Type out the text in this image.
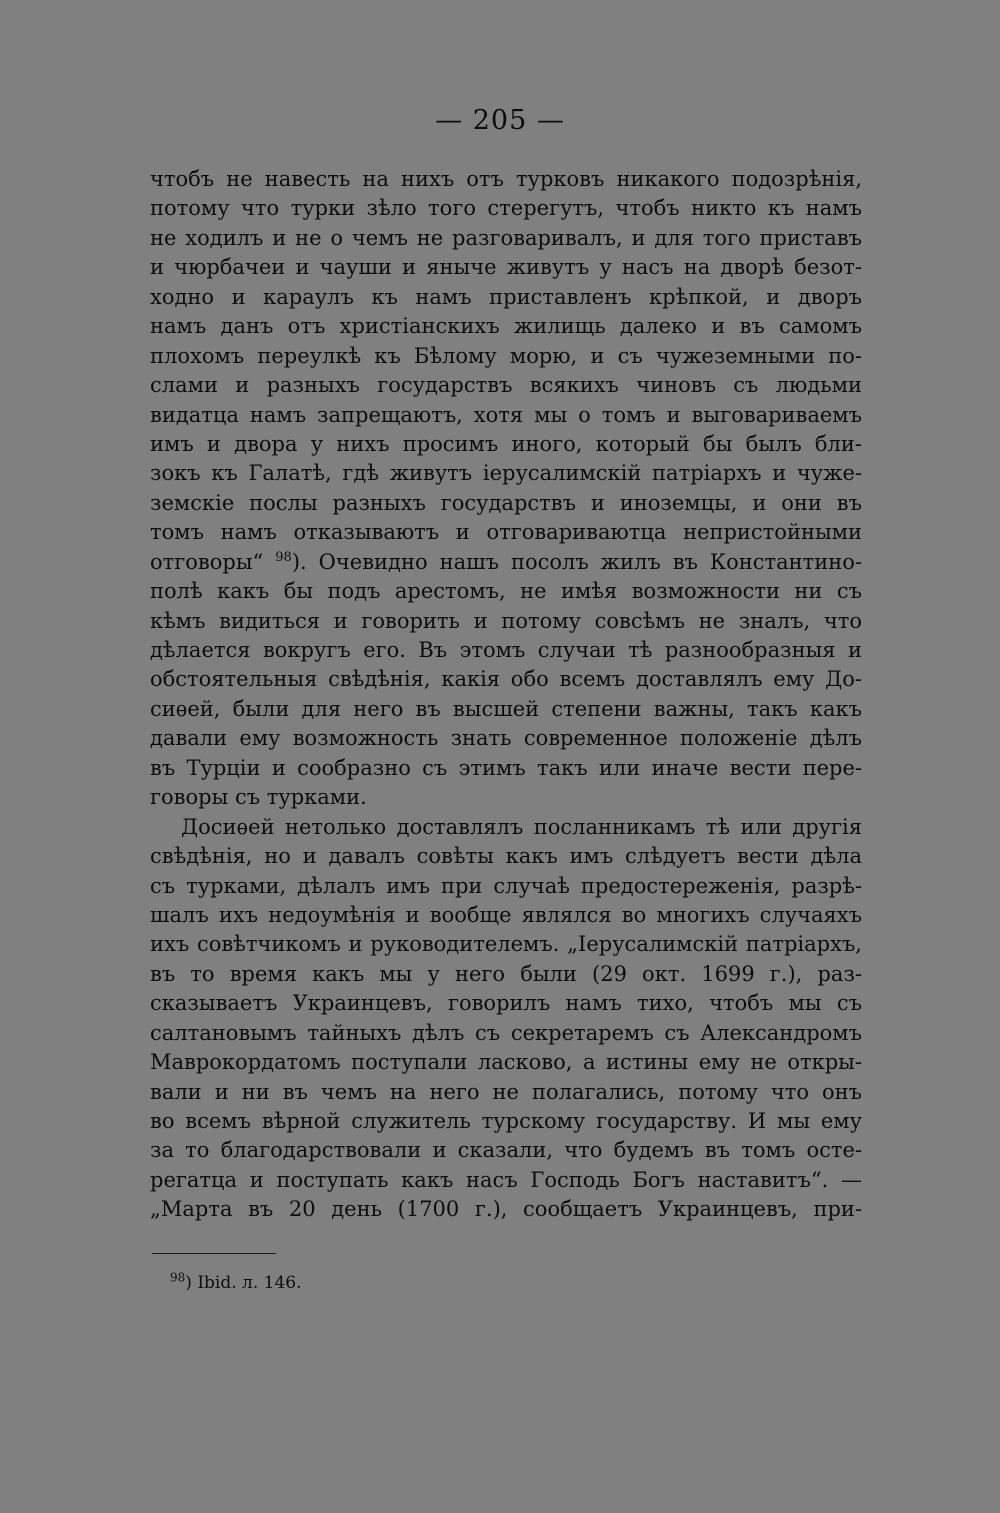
— 205 —
чтобъ не навесть на нихъ отъ турковъ никакого подозрѣнія,
потому что турки зѣло того стерегутъ, чтобъ никто къ намъ
не ходилъ и не о чемъ не разговаривалъ, и для того приставъ
и чюрбачеи и чауши и яныче живутъ у насъ на дворѣ безот-
ходно и караулъ къ намъ приставленъ крѣпкой, и дворъ
намъ данъ отъ христіанскихъ жилищь далеко и въ самомъ
плохомъ переулкѣ къ Бѣлому морю, и съ чужеземными по-
слами и разныхъ государствъ всякихъ чиновъ съ людьми
видатца намъ запрещаютъ, хотя мы о томъ и выговариваемъ
имъ и двора у нихъ просимъ иного, который бы былъ бли-
зокъ къ Галатѣ, гдѣ живутъ іерусалимскій патріархъ и чуже-
земскіе послы разныхъ государствъ и иноземцы, и они въ
томъ намъ отказываютъ и отговариваютца непристойными
отговоры“ $^{98}$). Очевидно нашъ посолъ жилъ въ Константино-
полѣ какъ бы подъ арестомъ, не имѣя возможности ни съ
кѣмъ видиться и говорить и потому совсѣмъ не зналъ, что
дѣлается вокругъ его. Въ этомъ случаи тѣ разнообразныя и
обстоятельныя свѣдѣнія, какія обо всемъ доставлялъ ему До-
сиѳей, были для него въ высшей степени важны, такъ какъ
давали ему возможность знать современное положеніе дѣлъ
въ Турціи и сообразно съ этимъ такъ или иначе вести пере-
говоры съ турками.
Досиѳей нетолько доставлялъ посланникамъ тѣ или другія
свѣдѣнія, но и давалъ совѣты какъ имъ слѣдуетъ вести дѣла
съ турками, дѣлалъ имъ при случаѣ предостереженія, разрѣ-
шалъ ихъ недоумѣнія и вообще являлся во многихъ случаяхъ
ихъ совѣтчикомъ и руководителемъ. „Іерусалимскій патріархъ,
въ то время какъ мы у него были (29 окт. 1699 г.), раз-
сказываетъ Украинцевъ, говорилъ намъ тихо, чтобъ мы съ
салтановымъ тайныхъ дѣлъ съ секретаремъ съ Александромъ
Маврокордатомъ поступали ласково, а истины ему не откры-
вали и ни въ чемъ на него не полагались, потому что онъ
во всемъ вѣрной служитель турскому государству. И мы ему
за то благодарствовали и сказали, что будемъ въ томъ осте-
регатца и поступать какъ насъ Господь Богъ наставитъ“. —
„Марта въ 20 день (1700 г.), сообщаетъ Украинцевъ, при-
$^{98}$) Ibid. л. 146.
